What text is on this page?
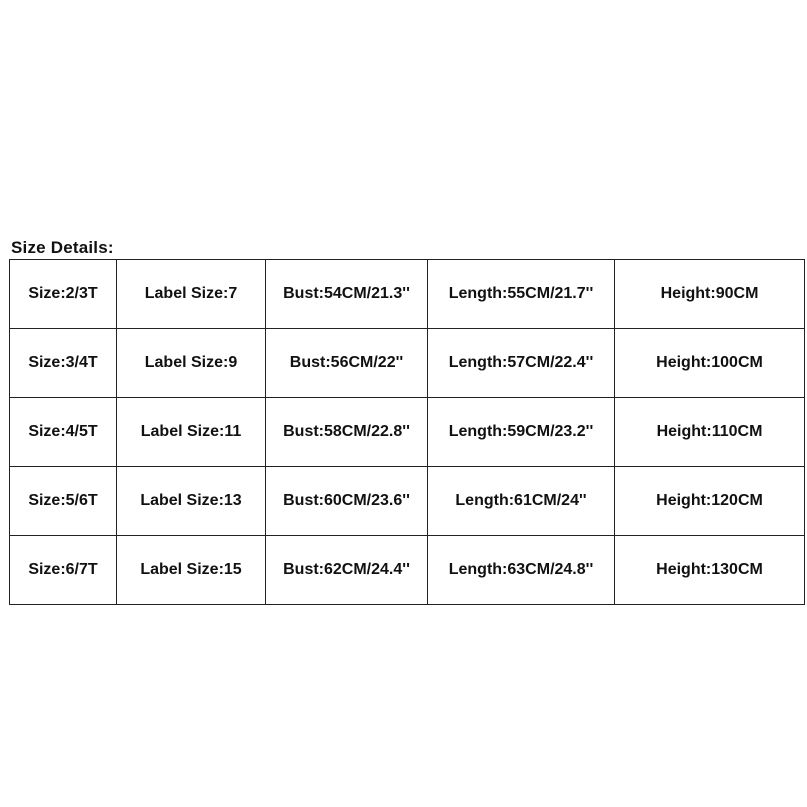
Size Details:
Size:2/3T	Label Size:7	Bust:54CM/21.3''	Length:55CM/21.7''	Height:90CM
Size:3/4T	Label Size:9	Bust:56CM/22''	Length:57CM/22.4''	Height:100CM
Size:4/5T	Label Size:11	Bust:58CM/22.8''	Length:59CM/23.2''	Height:110CM
Size:5/6T	Label Size:13	Bust:60CM/23.6''	Length:61CM/24''	Height:120CM
Size:6/7T	Label Size:15	Bust:62CM/24.4''	Length:63CM/24.8''	Height:130CM
